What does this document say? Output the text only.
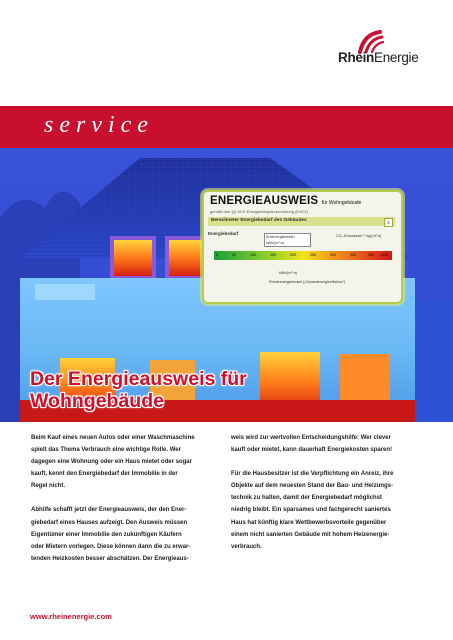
RheinEnergie
service
Der Energieausweis für
Wohngebäude
ENERGIEAUSWEIS für Wohngebäude
gemäß den §§ 16 ff. Energieeinsparverordnung (EnEV)
Berechneter Energiebedarf des Gebäudes	2
Energiebedarf
Endenergiebedarf
kWh/(m²·a)
CO₂-Emissionen ¹⁾ kg/(m²·a)
0	50	100	150	200	250	300	350	400 >400
kWh/(m²·a)
Primärenergiebedarf („Gesamtenergieeffizienz“)

Beim Kauf eines neuen Autos oder einer Waschmaschine
spielt das Thema Verbrauch eine wichtige Rolle. Wer
dagegen eine Wohnung oder ein Haus mietet oder sogar
kauft, kennt den Energiebedarf der Immobilie in der
Regel nicht.

Abhilfe schafft jetzt der Energieausweis, der den Ener-
giebedarf eines Hauses aufzeigt. Den Ausweis müssen
Eigentümer einer Immobilie den zukünftigen Käufern
oder Mietern vorlegen. Diese können dann die zu erwar-
tenden Heizkosten besser abschätzen. Der Energieaus-

weis wird zur wertvollen Entscheidungshilfe: Wer clever
kauft oder mietet, kann dauerhaft Energiekosten sparen!

Für die Hausbesitzer ist die Verpflichtung ein Anreiz, ihre
Objekte auf dem neuesten Stand der Bau- und Heizungs-
technik zu halten, damit der Energiebedarf möglichst
niedrig bleibt. Ein sparsames und fachgerecht saniertes
Haus hat künftig klare Wettbewerbsvorteile gegenüber
einem nicht sanierten Gebäude mit hohem Heizenergie-
verbrauch.

www.rheinenergie.com
